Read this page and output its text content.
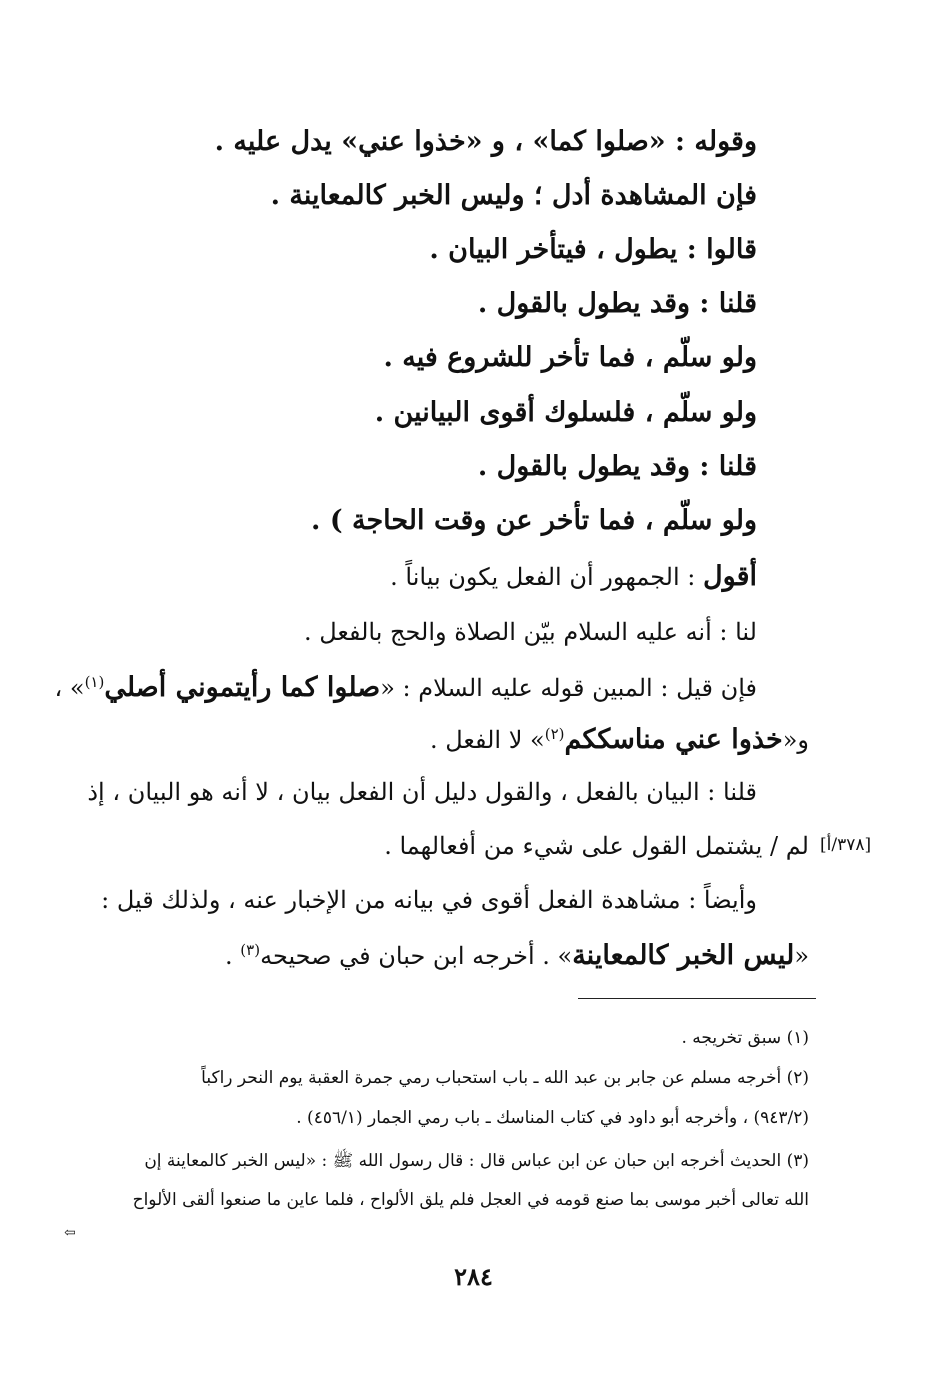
وقوله : «صلوا كما» ، و «خذوا عني» يدل عليه .
فإن المشاهدة أدل ؛ وليس الخبر كالمعاينة .
قالوا : يطول ، فيتأخر البيان .
قلنا : وقد يطول بالقول .
ولو سلّم ، فما تأخر للشروع فيه .
ولو سلّم ، فلسلوك أقوى البيانين .
قلنا : وقد يطول بالقول .
ولو سلّم ، فما تأخر عن وقت الحاجة ) .
أقول : الجمهور أن الفعل يكون بياناً .
لنا : أنه عليه السلام بيّن الصلاة والحج بالفعل .
فإن قيل : المبين قوله عليه السلام : «صلوا كما رأيتموني أصلي$^{(١)}$» ،
و«خذوا عني مناسككم$^{(٢)}$» لا الفعل .
قلنا : البيان بالفعل ، والقول دليل أن الفعل بيان ، لا أنه هو البيان ، إذ
لم / يشتمل القول على شيء من أفعالهما . [٣٧٨/أ]
وأيضاً : مشاهدة الفعل أقوى في بيانه من الإخبار عنه ، ولذلك قيل :
«ليس الخبر كالمعاينة» . أخرجه ابن حبان في صحيحه$^{(٣)}$ .
(١) سبق تخريجه .
(٢) أخرجه مسلم عن جابر بن عبد الله ـ باب استحباب رمي جمرة العقبة يوم النحر راكباً
(٩٤٣/٢) ، وأخرجه أبو داود في كتاب المناسك ـ باب رمي الجمار (٤٥٦/١) .
(٣) الحديث أخرجه ابن حبان عن ابن عباس قال : قال رسول الله ﷺ : «ليس الخبر كالمعاينة إن
الله تعالى أخبر موسى بما صنع قومه في العجل فلم يلق الألواح ، فلما عاين ما صنعوا ألقى الألواح
⇦
٢٨٤
